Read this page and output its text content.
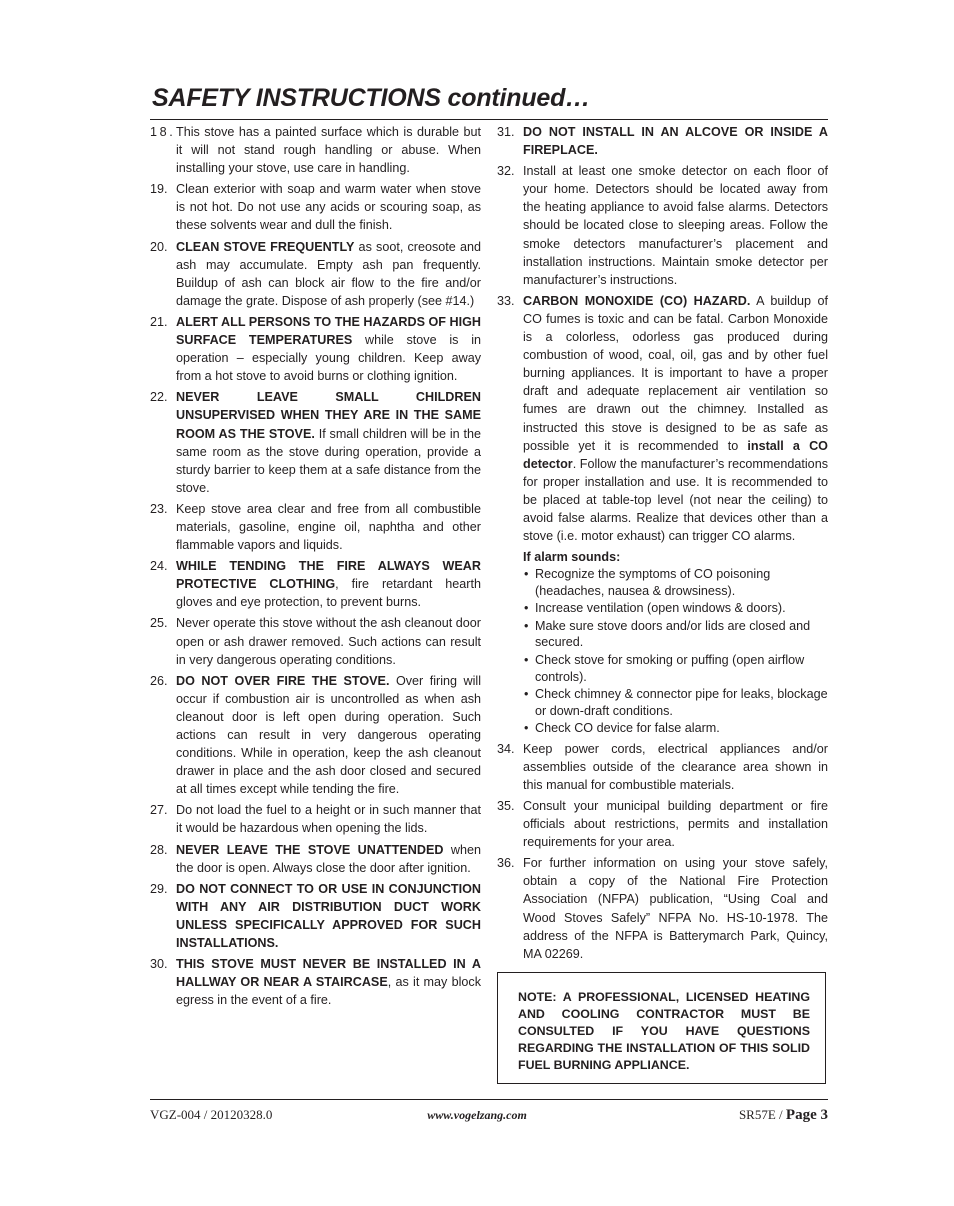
SAFETY INSTRUCTIONS continued…
18. This stove has a painted surface which is durable but it will not stand rough handling or abuse. When installing your stove, use care in handling.
19. Clean exterior with soap and warm water when stove is not hot. Do not use any acids or scouring soap, as these solvents wear and dull the finish.
20. CLEAN STOVE FREQUENTLY as soot, creosote and ash may accumulate. Empty ash pan frequently. Buildup of ash can block air flow to the fire and/or damage the grate. Dispose of ash properly (see #14.)
21. ALERT ALL PERSONS TO THE HAZARDS OF HIGH SURFACE TEMPERATURES while stove is in operation – especially young children. Keep away from a hot stove to avoid burns or clothing ignition.
22. NEVER LEAVE SMALL CHILDREN UNSUPERVISED WHEN THEY ARE IN THE SAME ROOM AS THE STOVE. If small children will be in the same room as the stove during operation, provide a sturdy barrier to keep them at a safe distance from the stove.
23. Keep stove area clear and free from all combustible materials, gasoline, engine oil, naphtha and other flammable vapors and liquids.
24. WHILE TENDING THE FIRE ALWAYS WEAR PROTECTIVE CLOTHING, fire retardant hearth gloves and eye protection, to prevent burns.
25. Never operate this stove without the ash cleanout door open or ash drawer removed. Such actions can result in very dangerous operating conditions.
26. DO NOT OVER FIRE THE STOVE. Over firing will occur if combustion air is uncontrolled as when ash cleanout door is left open during operation. Such actions can result in very dangerous operating conditions. While in operation, keep the ash cleanout drawer in place and the ash door closed and secured at all times except while tending the fire.
27. Do not load the fuel to a height or in such manner that it would be hazardous when opening the lids.
28. NEVER LEAVE THE STOVE UNATTENDED when the door is open. Always close the door after ignition.
29. DO NOT CONNECT TO OR USE IN CONJUNCTION WITH ANY AIR DISTRIBUTION DUCT WORK UNLESS SPECIFICALLY APPROVED FOR SUCH INSTALLATIONS.
30. THIS STOVE MUST NEVER BE INSTALLED IN A HALLWAY OR NEAR A STAIRCASE, as it may block egress in the event of a fire.
31. DO NOT INSTALL IN AN ALCOVE OR INSIDE A FIREPLACE.
32. Install at least one smoke detector on each floor of your home. Detectors should be located away from the heating appliance to avoid false alarms. Detectors should be located close to sleeping areas. Follow the smoke detectors manufacturer’s placement and installation instructions. Maintain smoke detector per manufacturer’s instructions.
33. CARBON MONOXIDE (CO) HAZARD. A buildup of CO fumes is toxic and can be fatal. Carbon Monoxide is a colorless, odorless gas produced during combustion of wood, coal, oil, gas and by other fuel burning appliances. It is important to have a proper draft and adequate replacement air ventilation so fumes are drawn out the chimney. Installed as instructed this stove is designed to be as safe as possible yet it is recommended to install a CO detector. Follow the manufacturer’s recommendations for proper installation and use. It is recommended to be placed at table-top level (not near the ceiling) to avoid false alarms. Realize that devices other than a stove (i.e. motor exhaust) can trigger CO alarms.
If alarm sounds:
• Recognize the symptoms of CO poisoning (headaches, nausea & drowsiness).
• Increase ventilation (open windows & doors).
• Make sure stove doors and/or lids are closed and secured.
• Check stove for smoking or puffing (open airflow controls).
• Check chimney & connector pipe for leaks, blockage or down-draft conditions.
• Check CO device for false alarm.
34. Keep power cords, electrical appliances and/or assemblies outside of the clearance area shown in this manual for combustible materials.
35. Consult your municipal building department or fire officials about restrictions, permits and installation requirements for your area.
36. For further information on using your stove safely, obtain a copy of the National Fire Protection Association (NFPA) publication, “Using Coal and Wood Stoves Safely” NFPA No. HS-10-1978. The address of the NFPA is Batterymarch Park, Quincy, MA 02269.

NOTE: A PROFESSIONAL, LICENSED HEATING AND COOLING CONTRACTOR MUST BE CONSULTED IF YOU HAVE QUESTIONS REGARDING THE INSTALLATION OF THIS SOLID FUEL BURNING APPLIANCE.

VGZ-004 / 20120328.0	www.vogelzang.com	SR57E / Page 3
